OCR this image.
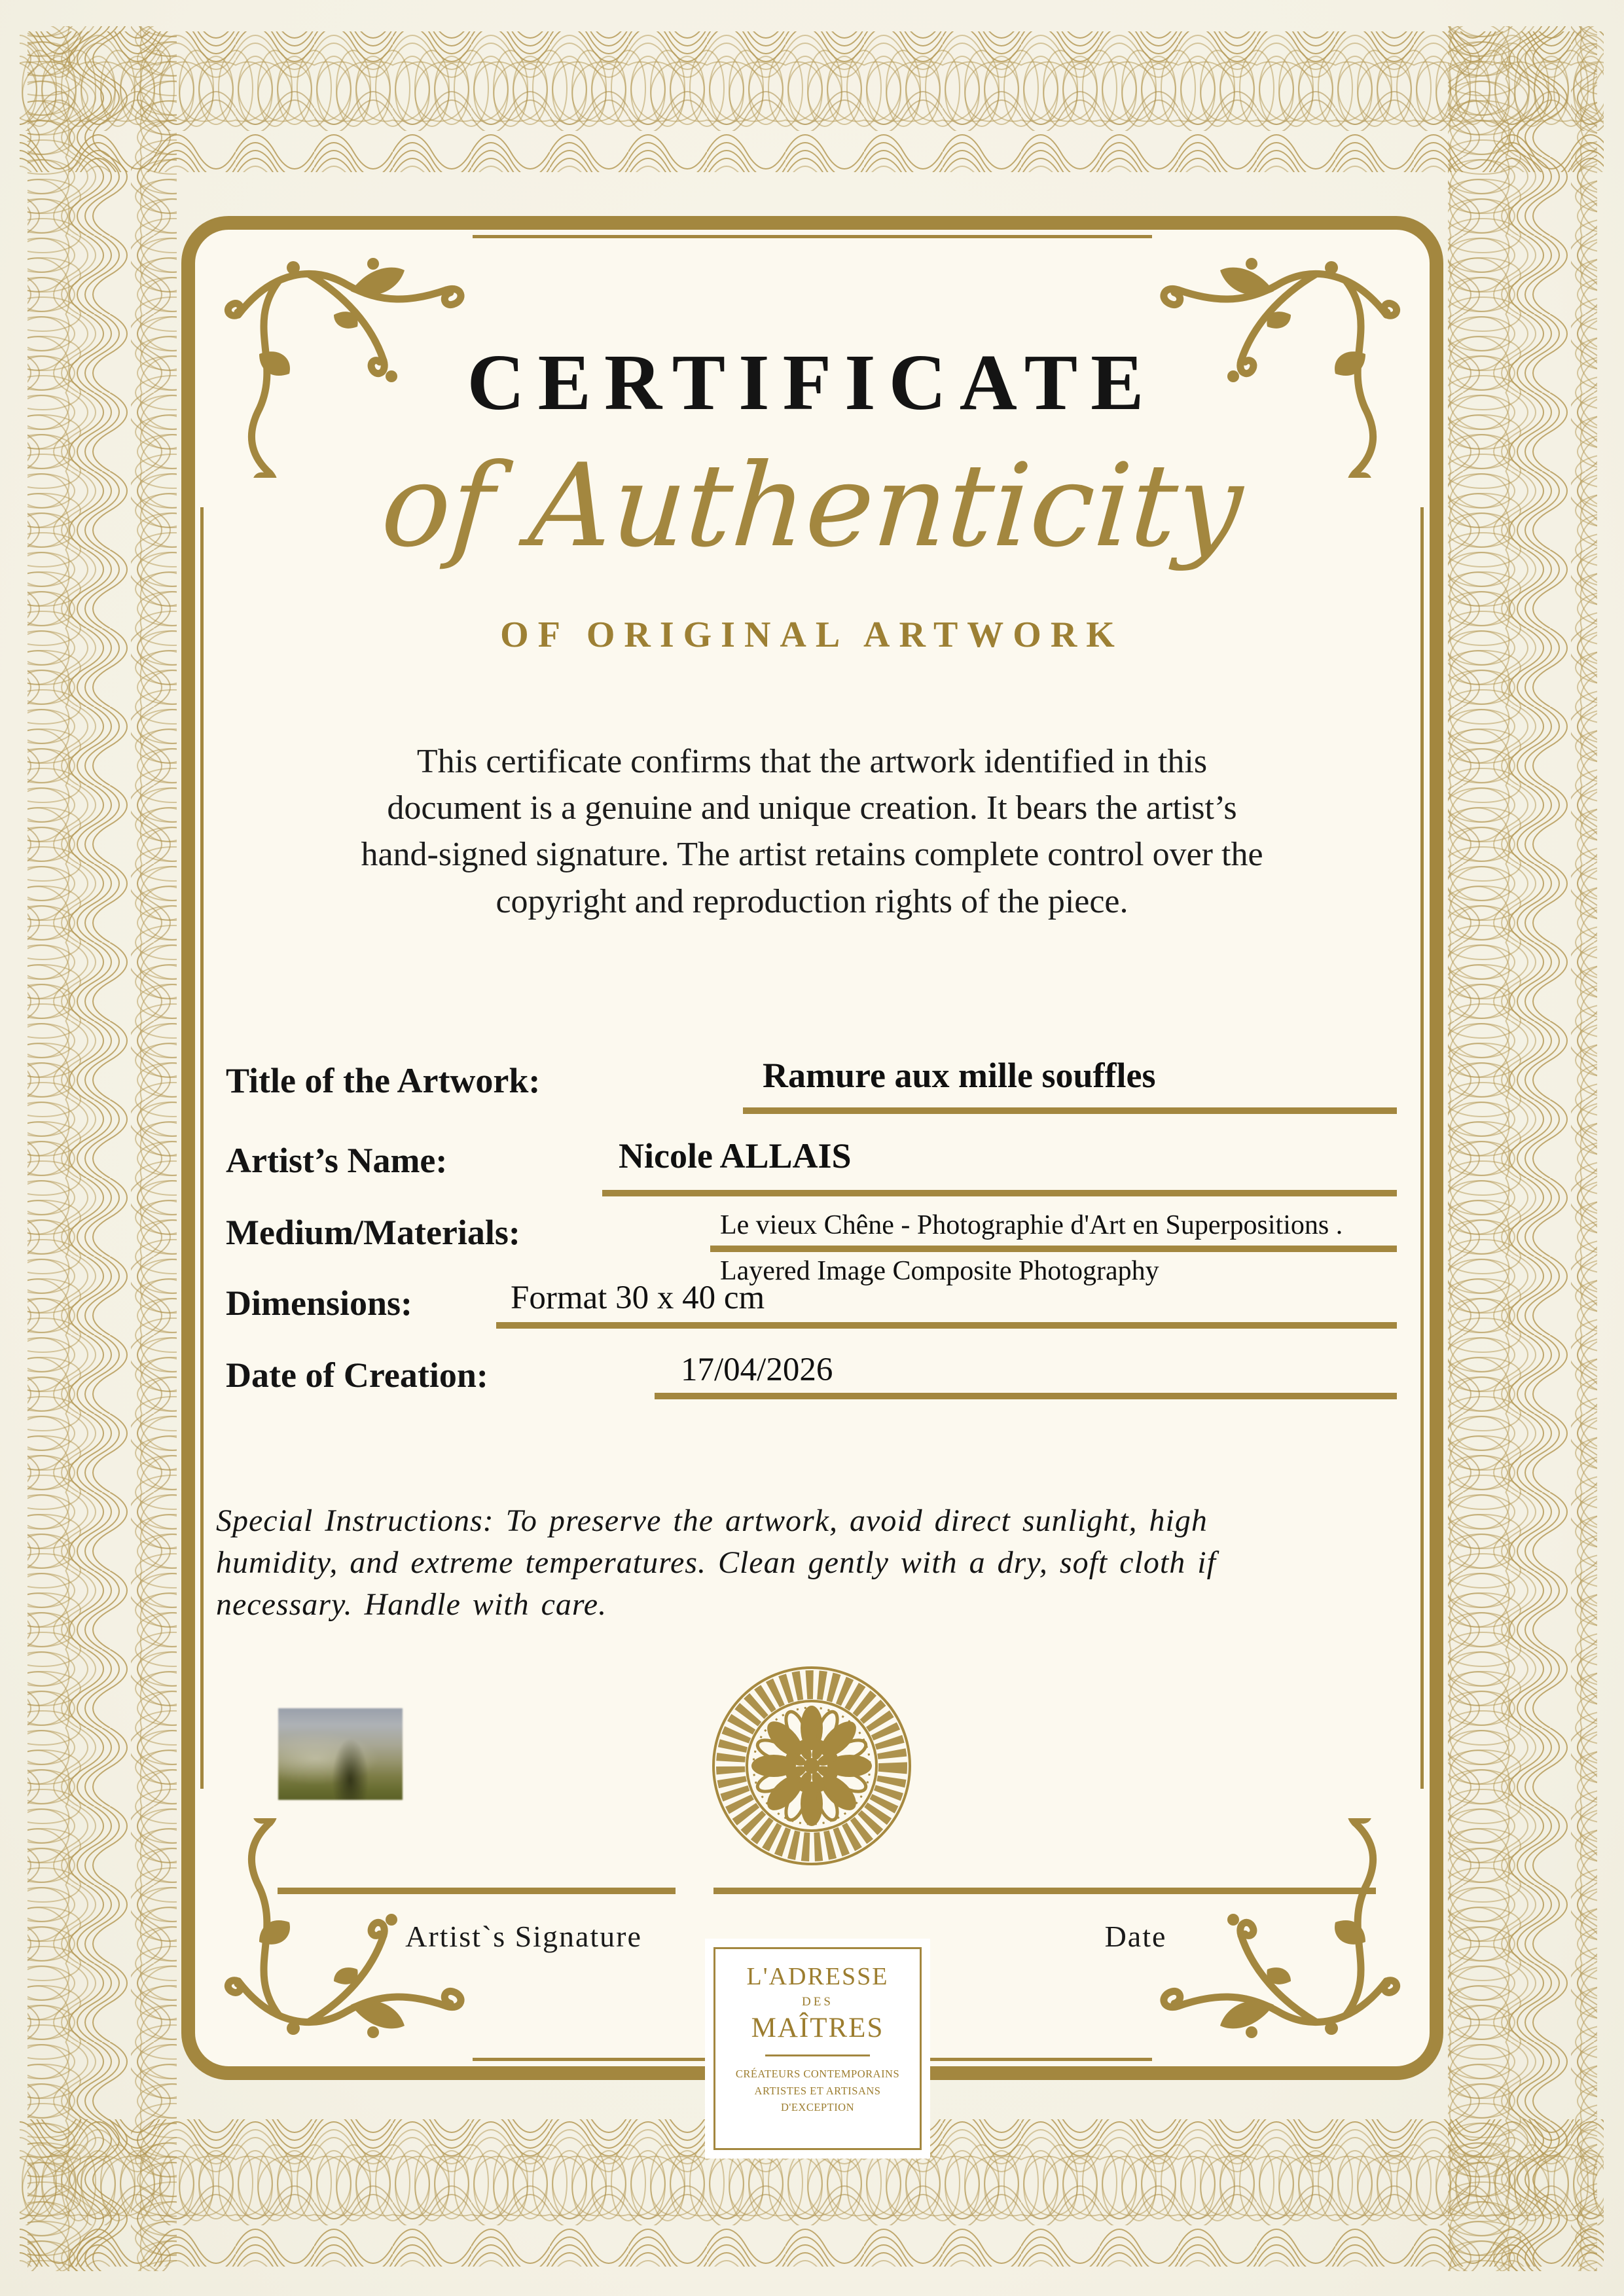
CERTIFICATE
of Authenticity
OF ORIGINAL ARTWORK
This certificate confirms that the artwork identified in this document is a genuine and unique creation. It bears the artist’s hand-signed signature. The artist retains complete control over the copyright and reproduction rights of the piece.
Title of the Artwork:	Ramure aux mille souffles
Artist’s Name:	Nicole ALLAIS
Medium/Materials:	Le vieux Chêne - Photographie d'Art en Superpositions .
Layered Image Composite Photography
Dimensions:	Format 30 x 40 cm
Date of Creation:	17/04/2026
Special Instructions: To preserve the artwork, avoid direct sunlight, high humidity, and extreme temperatures. Clean gently with a dry, soft cloth if necessary. Handle with care.
Artist`s Signature	Date
L'ADRESSE
DES
MAÎTRES
CRÉATEURS CONTEMPORAINS
ARTISTES ET ARTISANS
D'EXCEPTION
